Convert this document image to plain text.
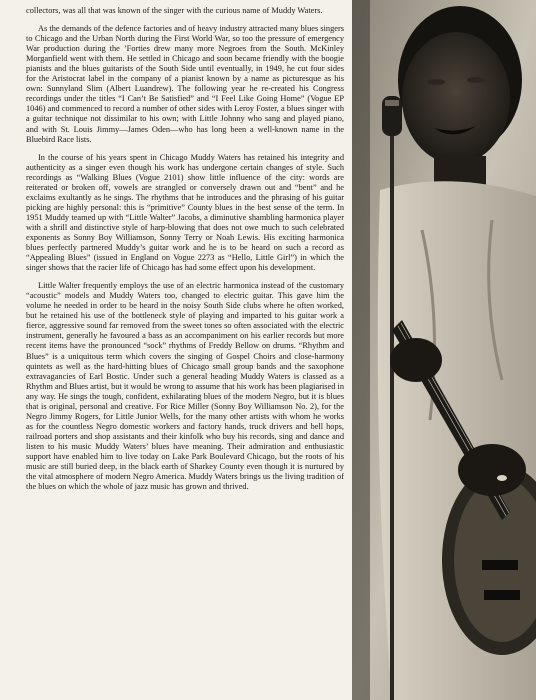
collectors, was all that was known of the singer with the curious name of Muddy Waters.

As the demands of the defence factories and of heavy industry attracted many blues singers to Chicago and the Urban North during the First World War, so too the pressure of emergency War production during the ’Forties drew many more Negroes from the South. McKinley Morganfield went with them. He settled in Chicago and soon became friendly with the boogie pianists and the blues guitarists of the South Side until eventually, in 1949, he cut four sides for the Aristocrat label in the company of a pianist known by a name as picturesque as his own: Sunnyland Slim (Albert Luandrew). The following year he re-created his Congress recordings under the titles “I Can’t Be Satisfied” and “I Feel Like Going Home” (Vogue EP 1046) and commenced to record a number of other sides with Leroy Foster, a blues singer with a guitar technique not dissimilar to his own; with Little Johnny who sang and played piano, and with St. Louis Jimmy—James Oden—who has long been a well-known name in the Bluebird Race lists.

In the course of his years spent in Chicago Muddy Waters has retained his integrity and authenticity as a singer even though his work has undergone certain changes of style. Such recordings as “Walking Blues (Vogue 2101) show little influence of the city: words are reiterated or broken off, vowels are strangled or conversely drawn out and “bent” and he exclaims exultantly as he sings. The rhythms that he introduces and the phrasing of his guitar picking are highly personal: this is “primitive” County blues in the best sense of the term. In 1951 Muddy teamed up with “Little Walter” Jacobs, a diminutive shambling harmonica player with a shrill and distinctive style of harp-blowing that does not owe much to such celebrated exponents as Sonny Boy Williamson, Sonny Terry or Noah Lewis. His exciting harmonica blues perfectly partnered Muddy’s guitar work and he is to be heard on such a record as “Appealing Blues” (issued in England on Vogue 2273 as “Hello, Little Girl”) in which the singer shows that the racier life of Chicago has had some effect upon his development.

Little Walter frequently employs the use of an electric harmonica instead of the customary “acoustic” models and Muddy Waters too, changed to electric guitar. This gave him the volume he needed in order to be heard in the noisy South Side clubs where he often worked, but he retained his use of the bottleneck style of playing and imparted to his guitar work a fierce, aggressive sound far removed from the sweet tones so often associated with the electric instrument, generally he favoured a bass as an accompaniment on his earlier records but more recent items have the pronounced “sock” rhythms of Freddy Bellow on drums. “Rhythm and Blues” is a uniquitous term which covers the singing of Gospel Choirs and close-harmony quintets as well as the hard-hitting blues of Chicago small group bands and the saxophone extravagancies of Earl Bostic. Under such a general heading Muddy Waters is classed as a Rhythm and Blues artist, but it would be wrong to assume that his work has been plagiarised in any way. He sings the tough, confident, exhilarating blues of the modern Negro, but it is blues that is original, personal and creative. For Rice Miller (Sonny Boy Williamson No. 2), for the Negro Jimmy Rogers, for Little Junior Wells, for the many other artists with whom he works as for the countless Negro domestic workers and factory hands, truck drivers and bell hops, railroad porters and shop assistants and their kinfolk who buy his records, sing and dance and listen to his music Muddy Waters’ blues have meaning. Their admiration and enthusiastic support have enabled him to live today on Lake Park Boulevard Chicago, but the roots of his music are still buried deep, in the black earth of Sharkey County even though it is nurtured by the vital atmosphere of modern Negro America. Muddy Waters brings us the living tradition of the blues on which the whole of jazz music has grown and thrived.
